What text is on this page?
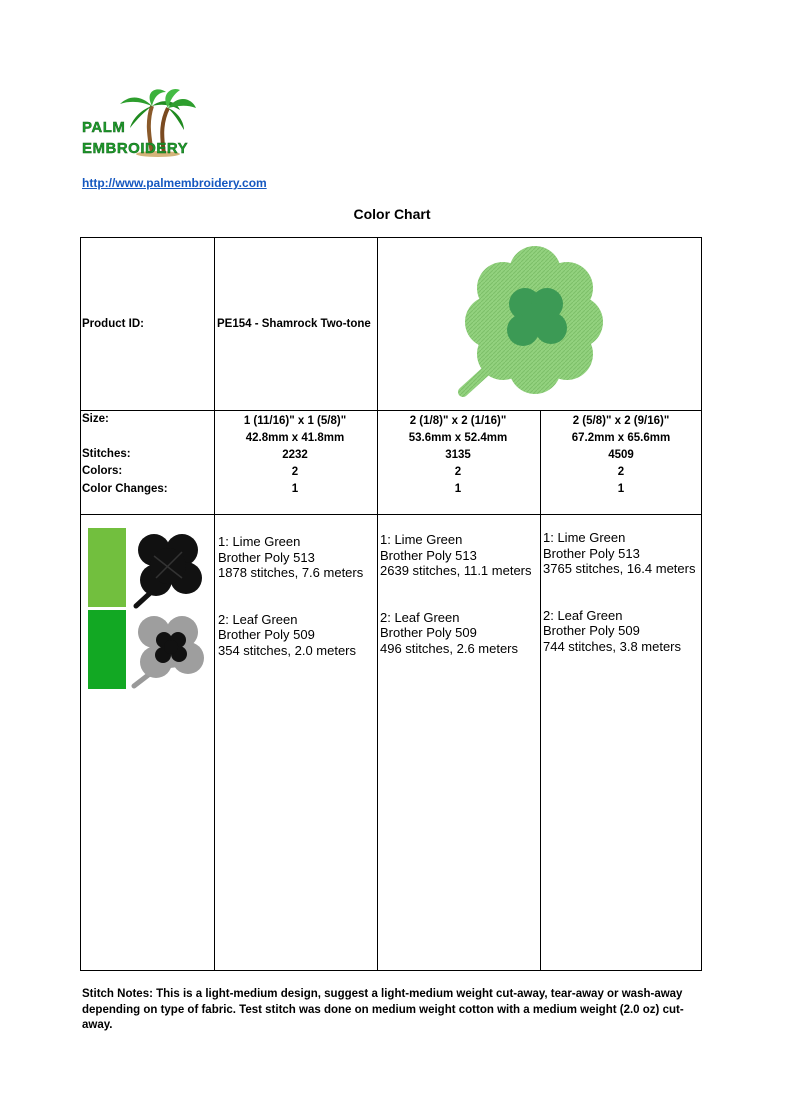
PALM
EMBROIDERY
http://www.palmembroidery.com
Color Chart
Product ID:	PE154 - Shamrock Two-tone
Size:
Stitches:
Colors:
Color Changes:
1 (11/16)" x 1 (5/8)"
42.8mm x 41.8mm
2232
2
1
2 (1/8)" x 2 (1/16)"
53.6mm x 52.4mm
3135
2
1
2 (5/8)" x 2 (9/16)"
67.2mm x 65.6mm
4509
2
1
1: Lime Green
Brother Poly 513
1878 stitches, 7.6 meters
2: Leaf Green
Brother Poly 509
354 stitches, 2.0 meters
1: Lime Green
Brother Poly 513
2639 stitches, 11.1 meters
2: Leaf Green
Brother Poly 509
496 stitches, 2.6 meters
1: Lime Green
Brother Poly 513
3765 stitches, 16.4 meters
2: Leaf Green
Brother Poly 509
744 stitches, 3.8 meters
Stitch Notes: This is a light-medium design, suggest a light-medium weight cut-away, tear-away or wash-away depending on type of fabric. Test stitch was done on medium weight cotton with a medium weight (2.0 oz) cut-away.
